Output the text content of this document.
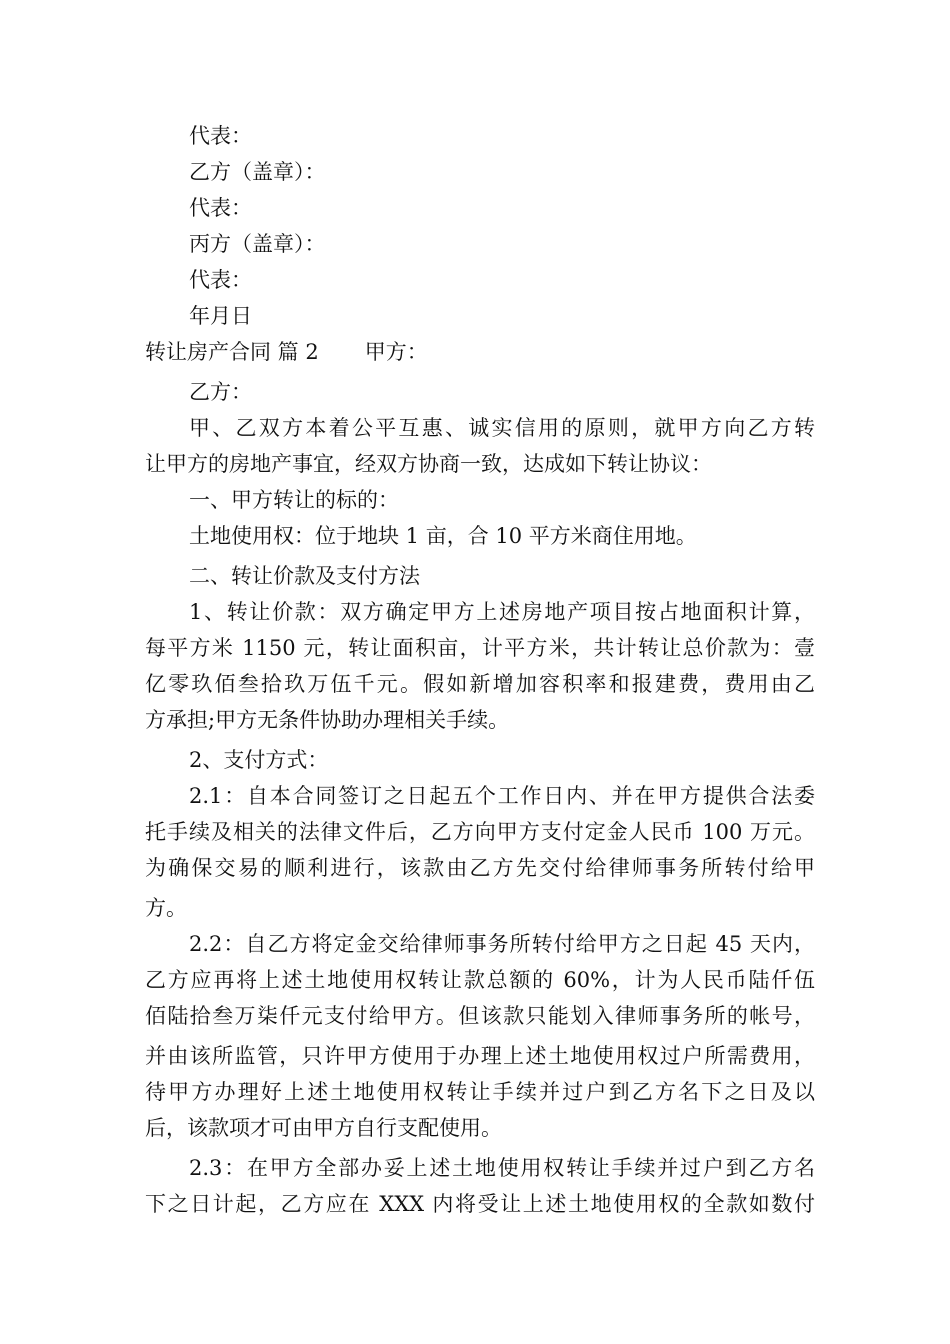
代表：
乙方（盖章）：
代表：
丙方（盖章）：
代表：
年月日
转让房产合同 篇 2 甲方：
乙方：
甲、乙双方本着公平互惠、诚实信用的原则，就甲方向乙方转
让甲方的房地产事宜，经双方协商一致，达成如下转让协议：
一、甲方转让的标的：
土地使用权：位于地块 1 亩，合 10 平方米商住用地。
二、转让价款及支付方法
1、转让价款：双方确定甲方上述房地产项目按占地面积计算，
每平方米 1150 元，转让面积亩，计平方米，共计转让总价款为：壹
亿零玖佰叁拾玖万伍千元。假如新增加容积率和报建费，费用由乙
方承担;甲方无条件协助办理相关手续。
2、支付方式：
2.1：自本合同签订之日起五个工作日内、并在甲方提供合法委
托手续及相关的法律文件后，乙方向甲方支付定金人民币 100 万元。
为确保交易的顺利进行，该款由乙方先交付给律师事务所转付给甲
方。
2.2：自乙方将定金交给律师事务所转付给甲方之日起 45 天内，
乙方应再将上述土地使用权转让款总额的 60%，计为人民币陆仟伍
佰陆拾叁万柒仟元支付给甲方。但该款只能划入律师事务所的帐号，
并由该所监管，只许甲方使用于办理上述土地使用权过户所需费用，
待甲方办理好上述土地使用权转让手续并过户到乙方名下之日及以
后，该款项才可由甲方自行支配使用。
2.3：在甲方全部办妥上述土地使用权转让手续并过户到乙方名
下之日计起，乙方应在 XXX 内将受让上述土地使用权的全款如数付
